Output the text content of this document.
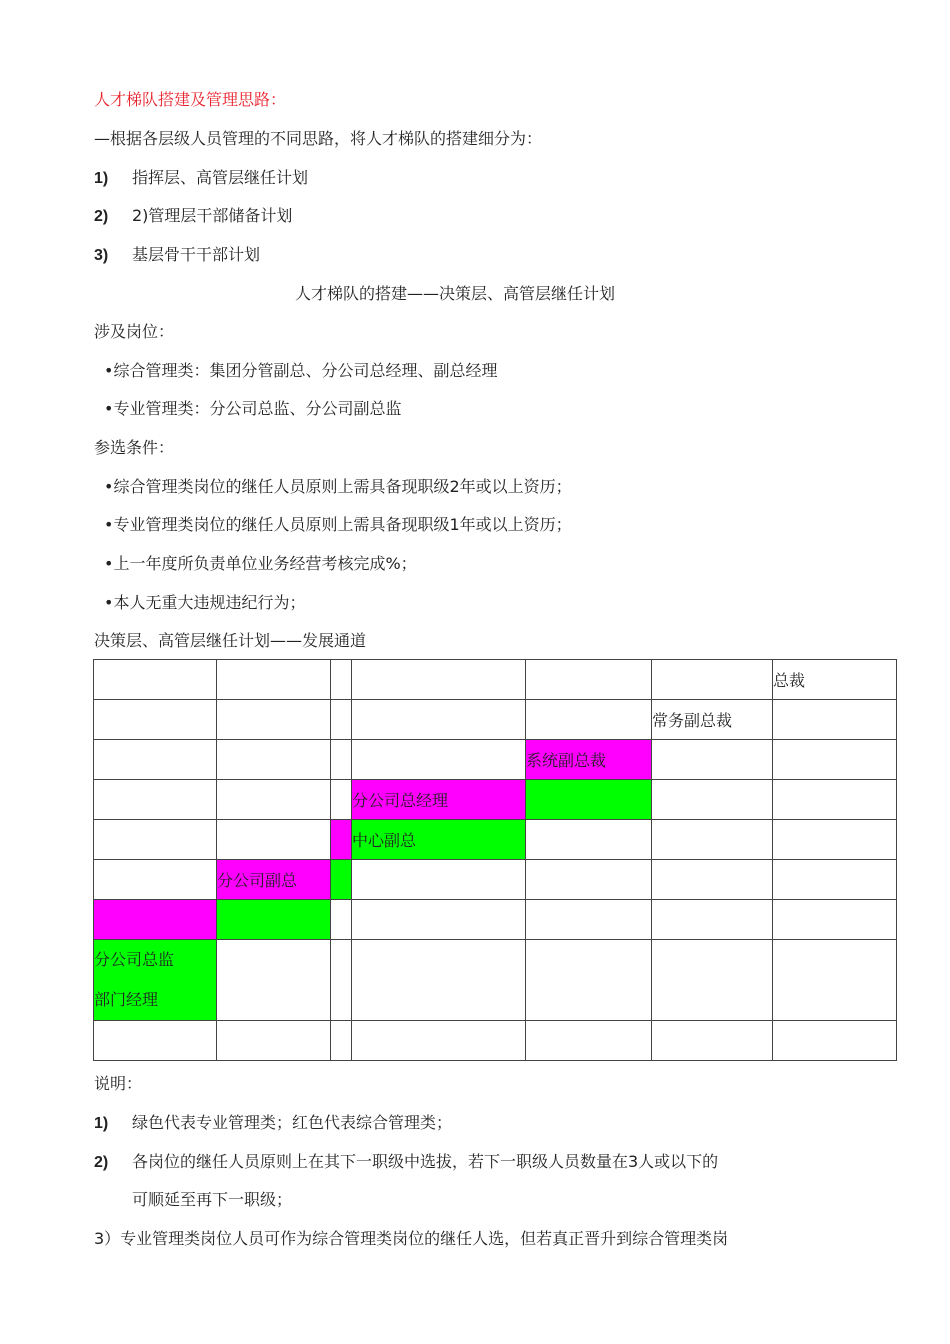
人才梯队搭建及管理思路：
—根据各层级人员管理的不同思路，将人才梯队的搭建细分为：
1) 指挥层、高管层继任计划
2) 2)管理层干部储备计划
3) 基层骨干干部计划
人才梯队的搭建——决策层、高管层继任计划
涉及岗位：
•综合管理类：集团分管副总、分公司总经理、副总经理
•专业管理类：分公司总监、分公司副总监
参选条件：
•综合管理类岗位的继任人员原则上需具备现职级2年或以上资历；
•专业管理类岗位的继任人员原则上需具备现职级1年或以上资历；
•上一年度所负责单位业务经营考核完成%；
•本人无重大违规违纪行为；
决策层、高管层继任计划——发展通道
						总裁
					常务副总裁	
				系统副总裁		
			分公司总经理			
			中心副总			
	分公司副总					

分公司总监
部门经理						

说明：
1) 绿色代表专业管理类；红色代表综合管理类；
2) 各岗位的继任人员原则上在其下一职级中选拔，若下一职级人员数量在3人或以下的
可顺延至再下一职级；
3）专业管理类岗位人员可作为综合管理类岗位的继任人选，但若真正晋升到综合管理类岗
